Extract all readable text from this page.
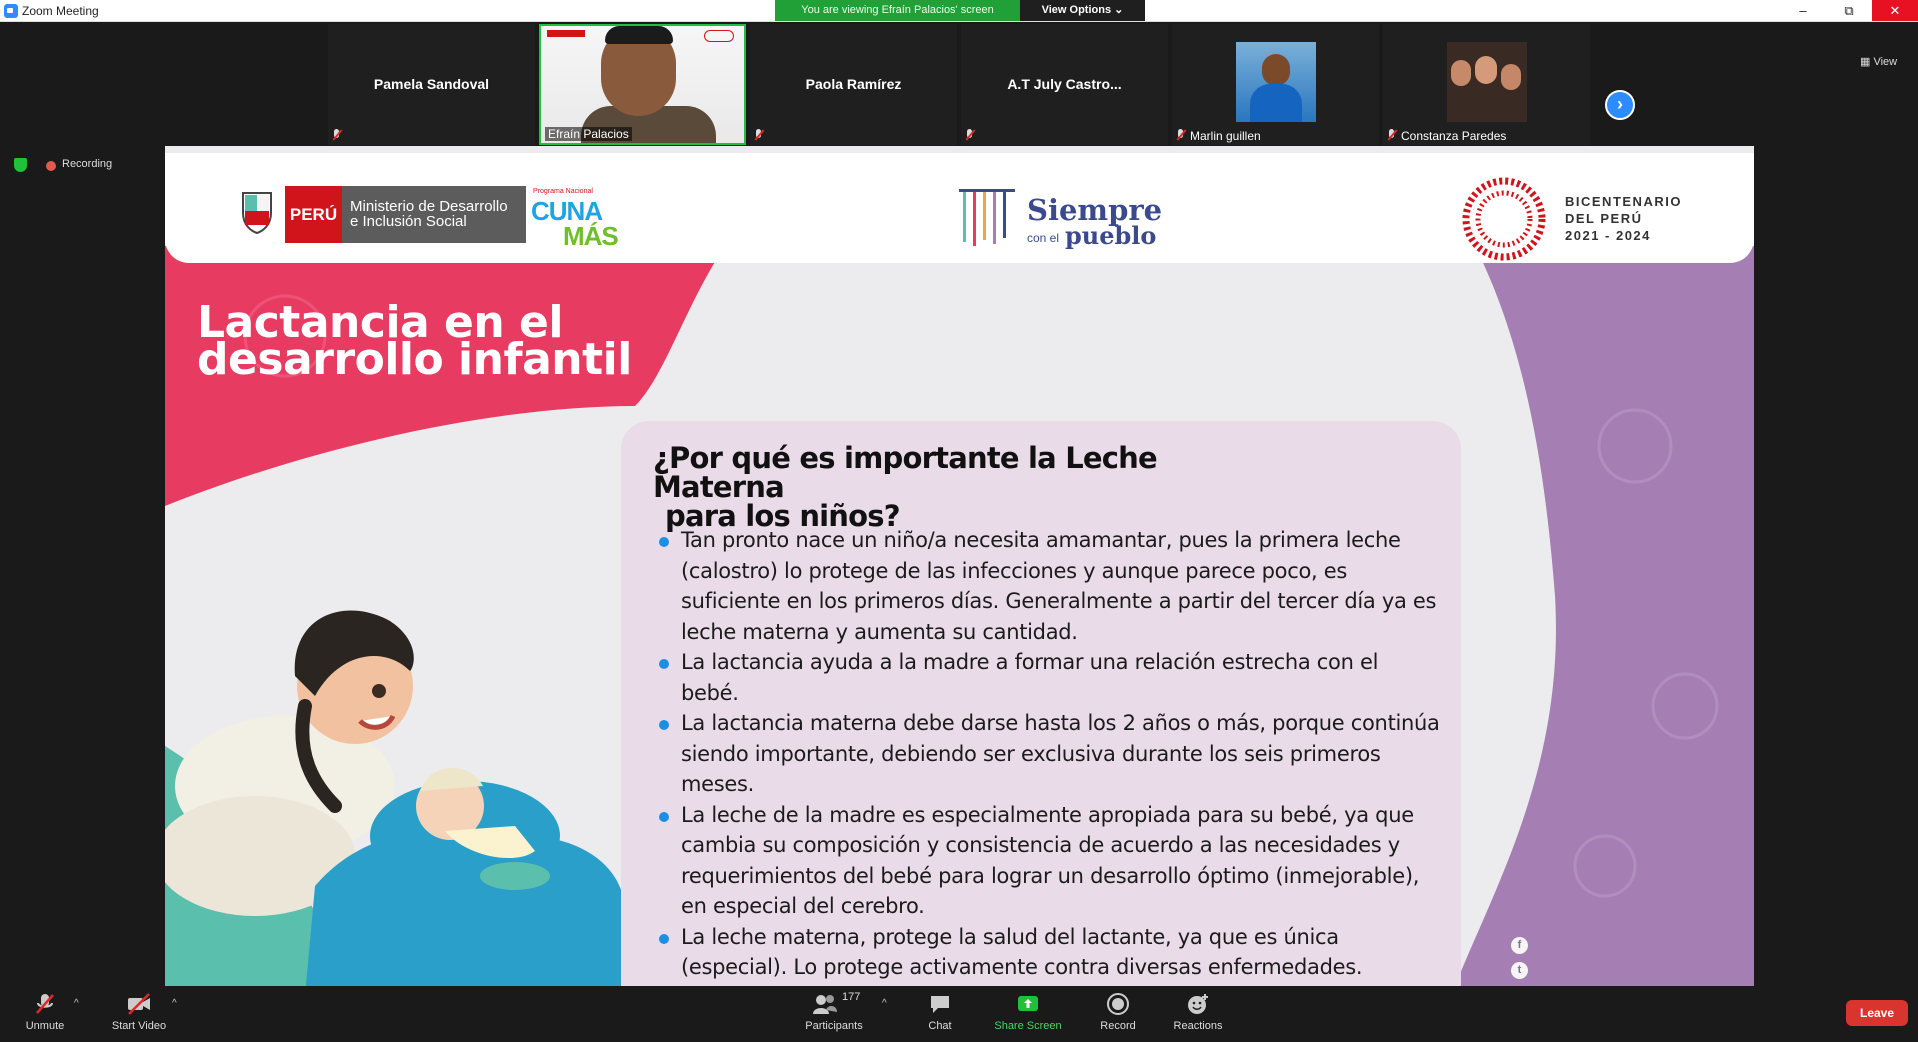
Zoom Meeting	You are viewing Efraín Palacios' screen	View Options ⌄	–	⧉	✕
Pamela Sandoval
Efraín Palacios
Paola Ramírez	A.T July Castro...
Marlin guillen	Constanza Paredes
›
▦ View
Recording
PERÚ Ministerio de Desarrollo
e Inclusión Social
Programa Nacional
CUNA
MÁS
Siempre
con el pueblo
BICENTENARIO
DEL PERÚ
2021 - 2024
Lactancia en el
desarrollo infantil
¿Por qué es importante la Leche Materna
para los niños?
Tan pronto nace un niño/a necesita amamantar, pues la primera leche (calostro) lo protege de las infecciones y aunque parece poco, es suficiente en los primeros días. Generalmente a partir del tercer día ya es leche materna y aumenta su cantidad.
La lactancia ayuda a la madre a formar una relación estrecha con el bebé.
La lactancia materna debe darse hasta los 2 años o más, porque continúa siendo importante, debiendo ser exclusiva durante los seis primeros meses.
La leche de la madre es especialmente apropiada para su bebé, ya que cambia su composición y consistencia de acuerdo a las necesidades y requerimientos del bebé para lograr un desarrollo óptimo (inmejorable), en especial del cerebro.
La leche materna, protege la salud del lactante, ya que es única (especial). Lo protege activamente contra diversas enfermedades.
f
t
Unmute
^
Start Video
^
177
Participants
^
Chat	Share Screen	Record	Reactions
Leave
